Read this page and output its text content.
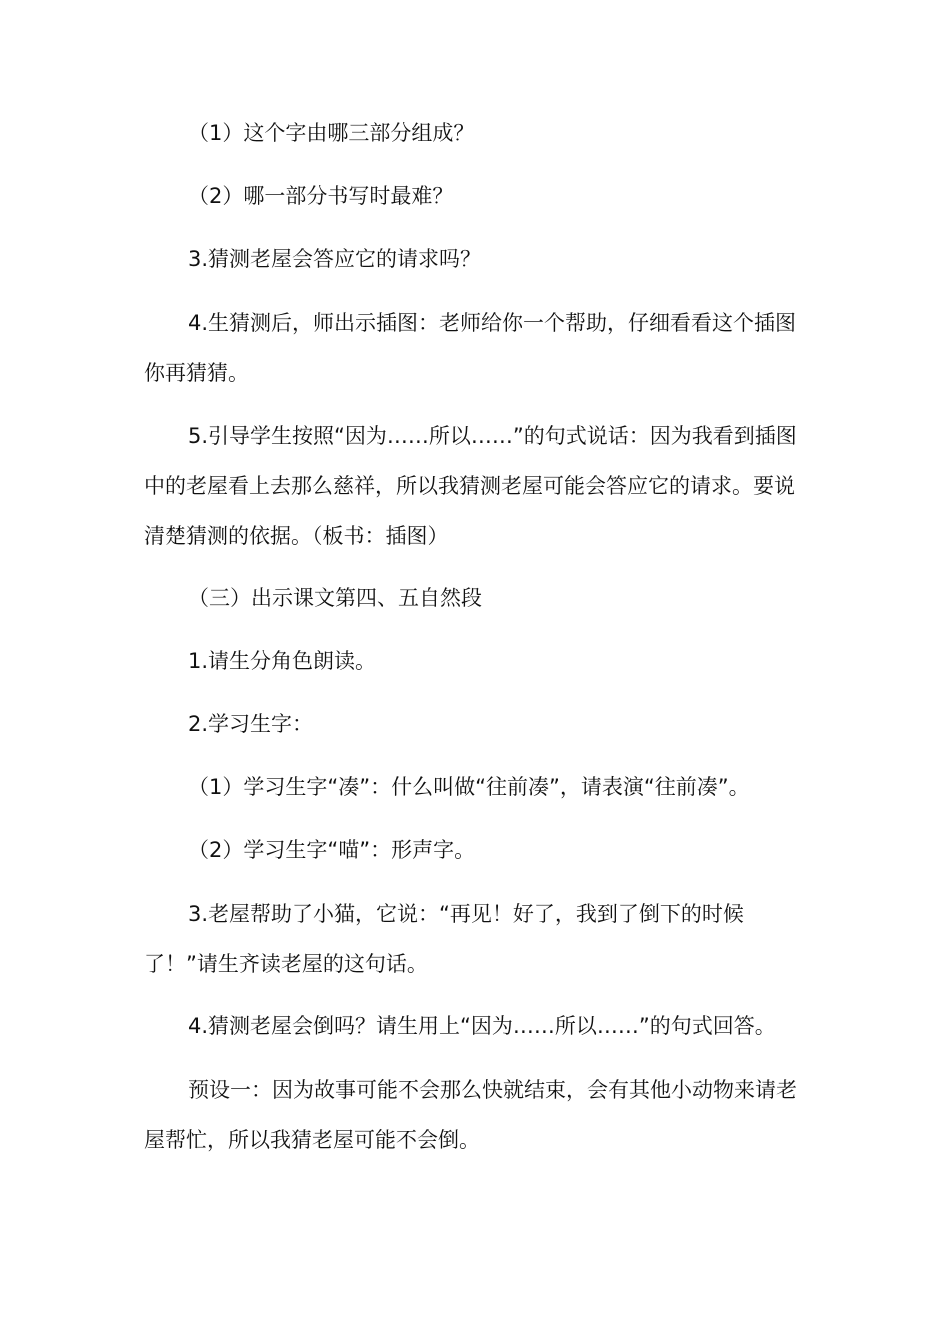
（1）这个字由哪三部分组成？

（2）哪一部分书写时最难？

3.猜测老屋会答应它的请求吗？

4.生猜测后，师出示插图：老师给你一个帮助，仔细看看这个插图你再猜猜。

5.引导学生按照“因为……所以……”的句式说话：因为我看到插图中的老屋看上去那么慈祥，所以我猜测老屋可能会答应它的请求。要说清楚猜测的依据。（板书：插图）

（三）出示课文第四、五自然段

1.请生分角色朗读。

2.学习生字：

（1）学习生字“凑”：什么叫做“往前凑”，请表演“往前凑”。

（2）学习生字“喵”：形声字。

3.老屋帮助了小猫，它说：“再见！好了，我到了倒下的时候了！”请生齐读老屋的这句话。

4.猜测老屋会倒吗？请生用上“因为……所以……”的句式回答。

预设一：因为故事可能不会那么快就结束，会有其他小动物来请老屋帮忙，所以我猜老屋可能不会倒。
